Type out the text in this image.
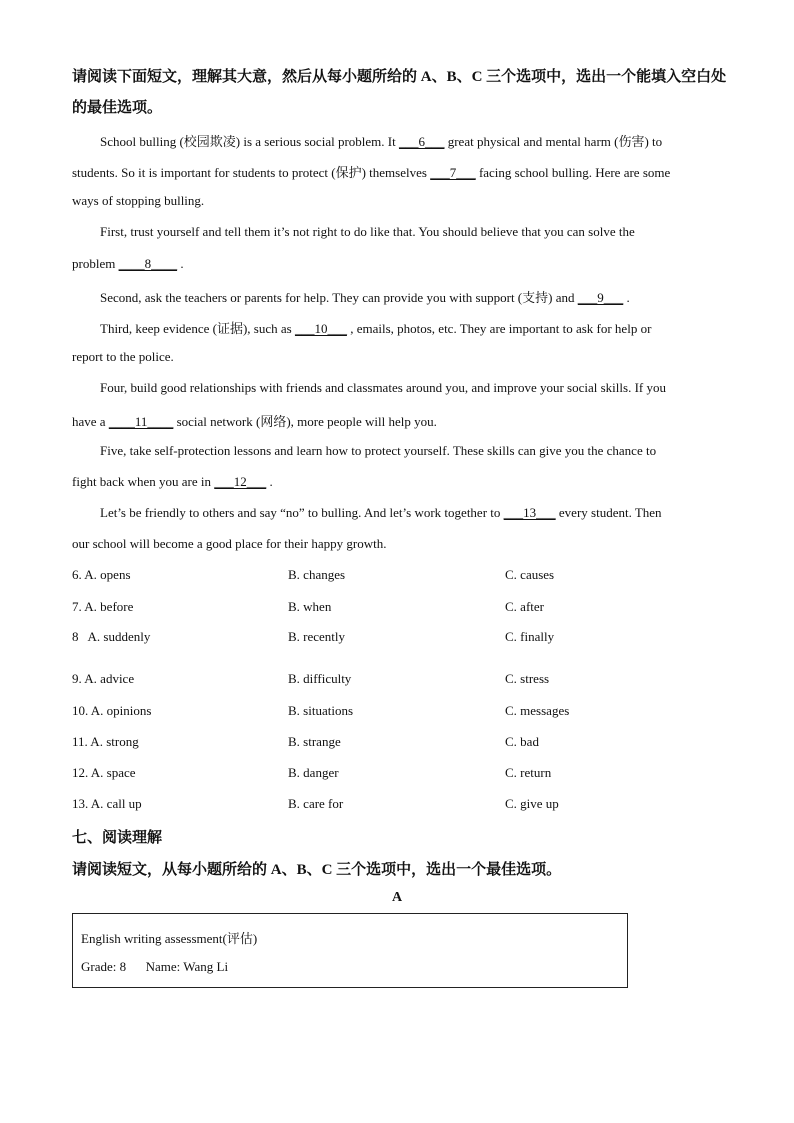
请阅读下面短文，理解其大意，然后从每小题所给的 A、B、C 三个选项中，选出一个能填入空白处的最佳选项。
School bulling (校园欺凌) is a serious social problem. It ___6___ great physical and mental harm (伤害) to
students. So it is important for students to protect (保护) themselves ___7___ facing school bulling. Here are some
ways of stopping bulling.
First, trust yourself and tell them it’s not right to do like that. You should believe that you can solve the
problem ____8____ .
Second, ask the teachers or parents for help. They can provide you with support (支持) and ___9___ .
Third, keep evidence (证据), such as ___10___ , emails, photos, etc. They are important to ask for help or
report to the police.
Four, build good relationships with friends and classmates around you, and improve your social skills. If you
have a ____11____ social network (网络), more people will help you.
Five, take self-protection lessons and learn how to protect yourself. These skills can give you the chance to
fight back when you are in ___12___ .
Let’s be friendly to others and say “no” to bulling. And let’s work together to ___13___ every student. Then
our school will become a good place for their happy growth.
6. A. opens	B. changes	C. causes
7. A. before	B. when	C. after
8   A. suddenly	B. recently	C. finally
9. A. advice	B. difficulty	C. stress
10. A. opinions	B. situations	C. messages
11. A. strong	B. strange	C. bad
12. A. space	B. danger	C. return
13. A. call up	B. care for	C. give up
七、阅读理解
请阅读短文，从每小题所给的 A、B、C 三个选项中，选出一个最佳选项。
A
English writing assessment(评估)
Grade: 8      Name: Wang Li
